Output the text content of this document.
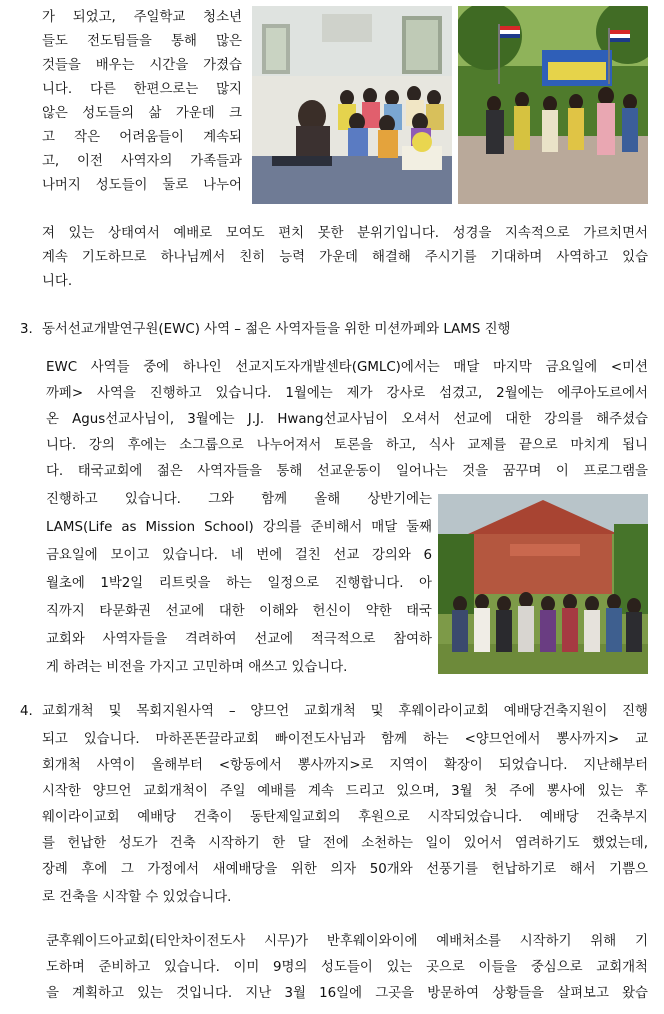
가 되었고, 주일학교 청소년
들도 전도팀들을 통해 많은
것들을 배우는 시간을 가졌습
니다. 다른 한편으로는 많지
않은 성도들의 삶 가운데 크
고 작은 어려움들이 계속되
고, 이전 사역자의 가족들과
나머지 성도들이 둘로 나누어
져 있는 상태여서 예배로 모여도 편치 못한 분위기입니다. 성경을 지속적으로 가르치면서
계속 기도하므로 하나님께서 친히 능력 가운데 해결해 주시기를 기대하며 사역하고 있습
니다.
3. 동서선교개발연구원(EWC) 사역 – 젊은 사역자들을 위한 미션까페와 LAMS 진행
EWC 사역들 중에 하나인 선교지도자개발센타(GMLC)에서는 매달 마지막 금요일에 <미션
까페> 사역을 진행하고 있습니다. 1월에는 제가 강사로 섬겼고, 2월에는 에쿠아도르에서
온 Agus선교사님이, 3월에는 J.J. Hwang선교사님이 오셔서 선교에 대한 강의를 해주셨습
니다. 강의 후에는 소그룹으로 나누어져서 토론을 하고, 식사 교제를 끝으로 마치게 됩니
다. 태국교회에 젊은 사역자들을 통해 선교운동이 일어나는 것을 꿈꾸며 이 프로그램을
진행하고 있습니다. 그와 함께 올해 상반기에는
LAMS(Life as Mission School) 강의를 준비해서 매달 둘째
금요일에 모이고 있습니다. 네 번에 걸친 선교 강의와 6
월초에 1박2일 리트릿을 하는 일정으로 진행합니다. 아
직까지 타문화권 선교에 대한 이해와 헌신이 약한 태국
교회와 사역자들을 격려하여 선교에 적극적으로 참여하
게 하려는 비전을 가지고 고민하며 애쓰고 있습니다.
4. 교회개척 및 목회지원사역 – 양므언 교회개척 및 후웨이라이교회 예배당건축지원이 진행
되고 있습니다. 마하폰똔끌라교회 빠이전도사님과 함께 하는 <양므언에서 뽕사까지> 교
회개척 사역이 올해부터 <항동에서 뽕사까지>로 지역이 확장이 되었습니다. 지난해부터
시작한 양므언 교회개척이 주일 예배를 계속 드리고 있으며, 3월 첫 주에 뽕사에 있는 후
웨이라이교회 예배당 건축이 동탄제일교회의 후원으로 시작되었습니다. 예배당 건축부지
를 헌납한 성도가 건축 시작하기 한 달 전에 소천하는 일이 있어서 염려하기도 했었는데,
장례 후에 그 가정에서 새예배당을 위한 의자 50개와 선풍기를 헌납하기로 해서 기쁨으
로 건축을 시작할 수 있었습니다.
쿤후웨이드아교회(티안차이전도사 시무)가 반후웨이와이에 예배처소를 시작하기 위해 기
도하며 준비하고 있습니다. 이미 9명의 성도들이 있는 곳으로 이들을 중심으로 교회개척
을 계획하고 있는 것입니다. 지난 3월 16일에 그곳을 방문하여 상황들을 살펴보고 왔습
